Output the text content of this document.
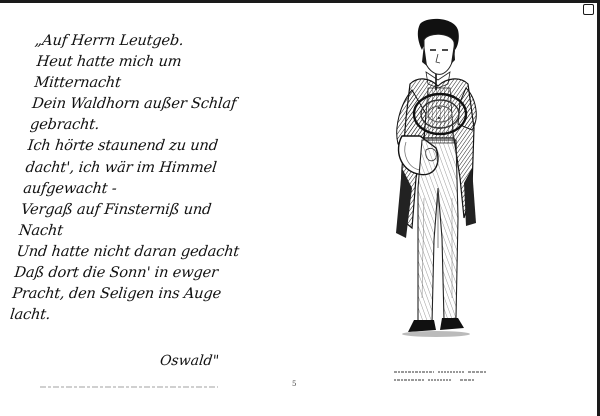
„Auf Herrn Leutgeb.
Heut hatte mich um
Mitternacht
Dein Waldhorn außer Schlaf
gebracht.
Ich hörte staunend zu und
dacht', ich wär im Himmel
aufgewacht -
Vergaß auf Finsterniß und
Nacht
Und hatte nicht daran gedacht
Daß dort die Sonn' in ewger
Pracht, den Seligen ins Auge
lacht.
Oswald"
5
